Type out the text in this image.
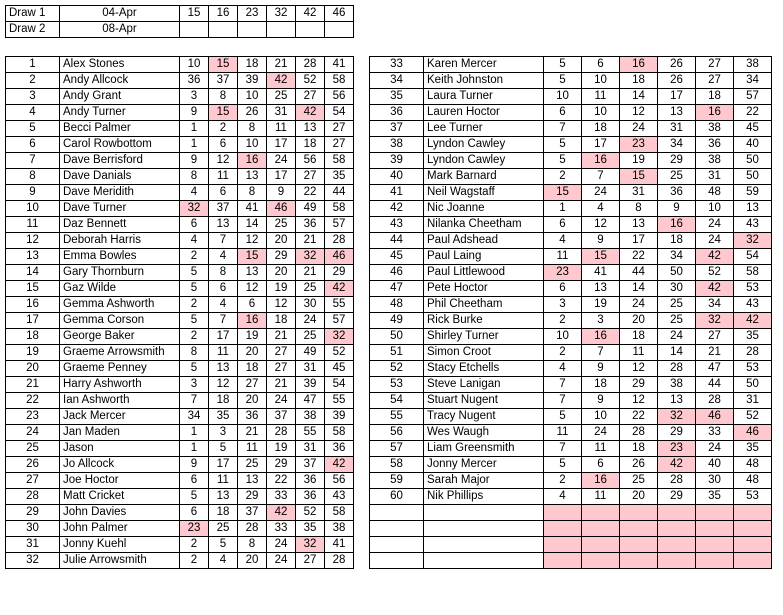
Draw 1	04-Apr	15	16	23	32	42	46
Draw 2	08-Apr						
1	Alex Stones	10	15	18	21	28	41
2	Andy Allcock	36	37	39	42	52	58
3	Andy Grant	3	8	10	25	27	56
4	Andy Turner	9	15	26	31	42	54
5	Becci Palmer	1	2	8	11	13	27
6	Carol Rowbottom	1	6	10	17	18	27
7	Dave Berrisford	9	12	16	24	56	58
8	Dave Danials	8	11	13	17	27	35
9	Dave Meridith	4	6	8	9	22	44
10	Dave Turner	32	37	41	46	49	58
11	Daz Bennett	6	13	14	25	36	57
12	Deborah Harris	4	7	12	20	21	28
13	Emma Bowles	2	4	15	29	32	46
14	Gary Thornburn	5	8	13	20	21	29
15	Gaz Wilde	5	6	12	19	25	42
16	Gemma Ashworth	2	4	6	12	30	55
17	Gemma Corson	5	7	16	18	24	57
18	George Baker	2	17	19	21	25	32
19	Graeme Arrowsmith	8	11	20	27	49	52
20	Graeme Penney	5	13	18	27	31	45
21	Harry Ashworth	3	12	27	21	39	54
22	Ian Ashworth	7	18	20	24	47	55
23	Jack Mercer	34	35	36	37	38	39
24	Jan Maden	1	3	21	28	55	58
25	Jason	1	5	11	19	31	36
26	Jo Allcock	9	17	25	29	37	42
27	Joe Hoctor	6	11	13	22	36	56
28	Matt Cricket	5	13	29	33	36	43
29	John Davies	6	18	37	42	52	58
30	John Palmer	23	25	28	33	35	38
31	Jonny Kuehl	2	5	8	24	32	41
32	Julie Arrowsmith	2	4	20	24	27	28
33	Karen Mercer	5	6	16	26	27	38
34	Keith Johnston	5	10	18	26	27	34
35	Laura Turner	10	11	14	17	18	57
36	Lauren Hoctor	6	10	12	13	16	22
37	Lee Turner	7	18	24	31	38	45
38	Lyndon Cawley	5	17	23	34	36	40
39	Lyndon Cawley	5	16	19	29	38	50
40	Mark Barnard	2	7	15	25	31	50
41	Neil Wagstaff	15	24	31	36	48	59
42	Nic Joanne	1	4	8	9	10	13
43	Nilanka Cheetham	6	12	13	16	24	43
44	Paul Adshead	4	9	17	18	24	32
45	Paul Laing	11	15	22	34	42	54
46	Paul Littlewood	23	41	44	50	52	58
47	Pete Hoctor	6	13	14	30	42	53
48	Phil Cheetham	3	19	24	25	34	43
49	Rick Burke	2	3	20	25	32	42
50	Shirley Turner	10	16	18	24	27	35
51	Simon Croot	2	7	11	14	21	28
52	Stacy Etchells	4	9	12	28	47	53
53	Steve Lanigan	7	18	29	38	44	50
54	Stuart Nugent	7	9	12	13	28	31
55	Tracy Nugent	5	10	22	32	46	52
56	Wes Waugh	11	24	28	29	33	46
57	Liam Greensmith	7	11	18	23	24	35
58	Jonny Mercer	5	6	26	42	40	48
59	Sarah Major	2	16	25	28	30	48
60	Nik Phillips	4	11	20	29	35	53
